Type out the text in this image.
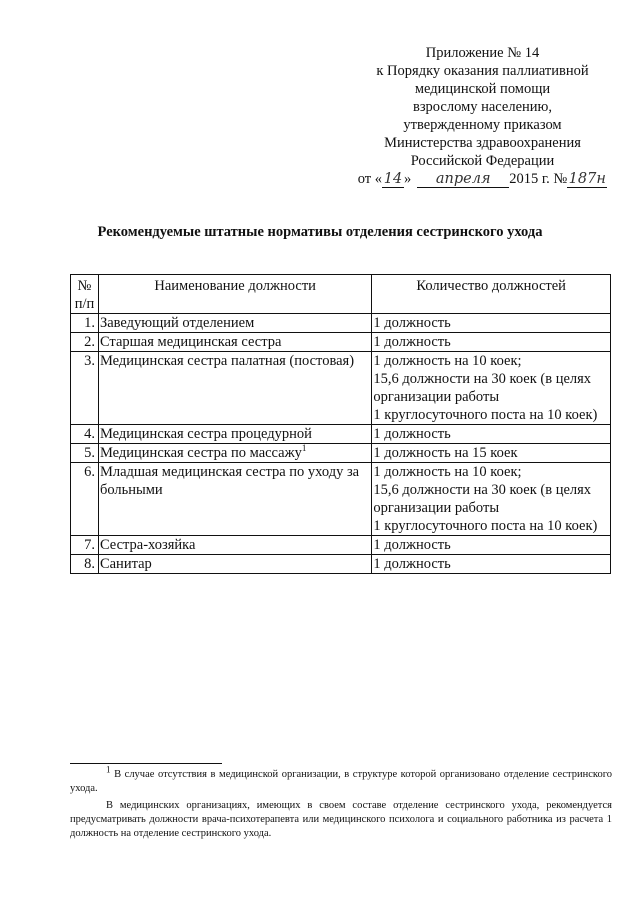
Приложение № 14
к Порядку оказания паллиативной
медицинской помощи
взрослому населению,
утвержденному приказом
Министерства здравоохранения
Российской Федерации
от « 14 »	апреля	2015 г. № 187н
Рекомендуемые штатные нормативы отделения сестринского ухода
№ п/п	Наименование должности	Количество должностей
1.	Заведующий отделением	1 должность

2.	Старшая медицинская сестра	1 должность

3.	Медицинская сестра палатная (постовая)	1 должность на 10 коек;
15,6 должности на 30 коек (в целях организации работы
1 круглосуточного поста на 10 коек)

4.	Медицинская сестра процедурной	1 должность

5.	Медицинская сестра по массажу$^1$	1 должность на 15 коек

6.	Младшая медицинская сестра по уходу за больными	1 должность на 10 коек;
15,6 должности на 30 коек (в целях организации работы
1 круглосуточного поста на 10 коек)

7.	Сестра-хозяйка	1 должность

8.	Санитар	1 должность

$^1$ В случае отсутствия в медицинской организации, в структуре которой организовано отделение сестринского ухода.

В медицинских организациях, имеющих в своем составе отделение сестринского ухода, рекомендуется предусматривать должности врача-психотерапевта или медицинского психолога и социального работника из расчета 1 должность на отделение сестринского ухода.
